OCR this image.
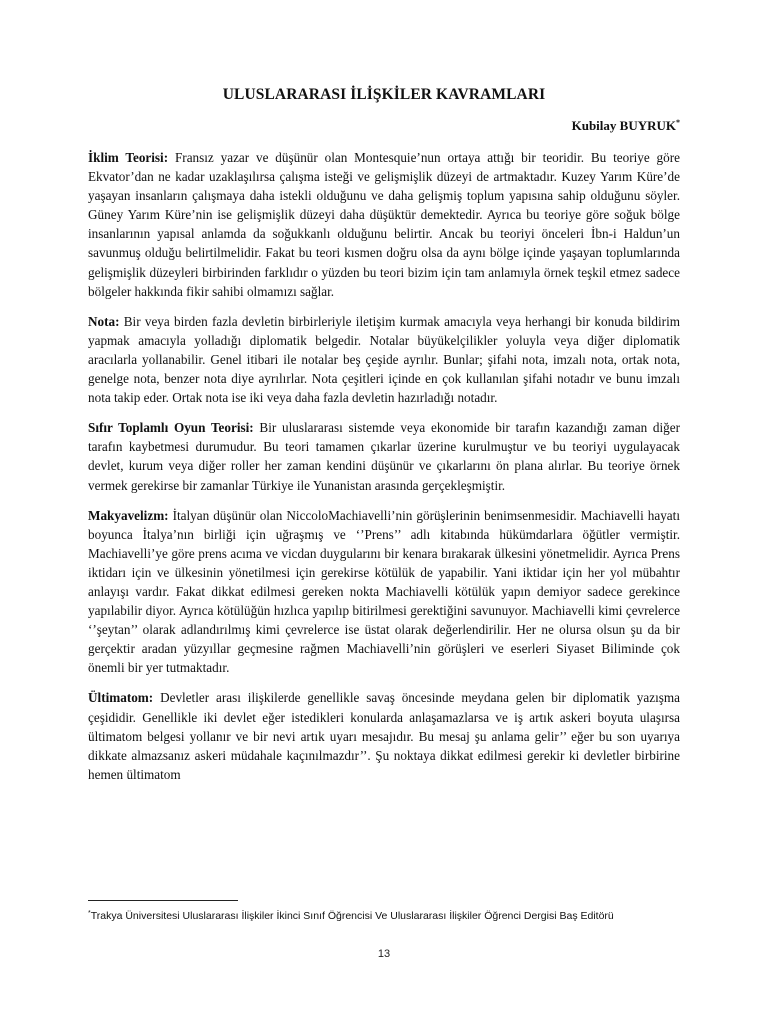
ULUSLARARASI İLİŞKİLER KAVRAMLARI
Kubilay BUYRUK*

İklim Teorisi: Fransız yazar ve düşünür olan Montesquie’nun ortaya attığı bir teoridir. Bu teoriye göre Ekvator’dan ne kadar uzaklaşılırsa çalışma isteği ve gelişmişlik düzeyi de artmaktadır. Kuzey Yarım Küre’de yaşayan insanların çalışmaya daha istekli olduğunu ve daha gelişmiş toplum yapısına sahip olduğunu söyler. Güney Yarım Küre’nin ise gelişmişlik düzeyi daha düşüktür demektedir. Ayrıca bu teoriye göre soğuk bölge insanlarının yapısal anlamda da soğukkanlı olduğunu belirtir. Ancak bu teoriyi önceleri İbn-i Haldun’un savunmuş olduğu belirtilmelidir. Fakat bu teori kısmen doğru olsa da aynı bölge içinde yaşayan toplumlarında gelişmişlik düzeyleri birbirinden farklıdır o yüzden bu teori bizim için tam anlamıyla örnek teşkil etmez sadece bölgeler hakkında fikir sahibi olmamızı sağlar.

Nota: Bir veya birden fazla devletin birbirleriyle iletişim kurmak amacıyla veya herhangi bir konuda bildirim yapmak amacıyla yolladığı diplomatik belgedir. Notalar büyükelçilikler yoluyla veya diğer diplomatik aracılarla yollanabilir. Genel itibari ile notalar beş çeşide ayrılır. Bunlar; şifahi nota, imzalı nota, ortak nota, genelge nota, benzer nota diye ayrılırlar. Nota çeşitleri içinde en çok kullanılan şifahi notadır ve bunu imzalı nota takip eder. Ortak nota ise iki veya daha fazla devletin hazırladığı notadır.

Sıfır Toplamlı Oyun Teorisi: Bir uluslararası sistemde veya ekonomide bir tarafın kazandığı zaman diğer tarafın kaybetmesi durumudur. Bu teori tamamen çıkarlar üzerine kurulmuştur ve bu teoriyi uygulayacak devlet, kurum veya diğer roller her zaman kendini düşünür ve çıkarlarını ön plana alırlar. Bu teoriye örnek vermek gerekirse bir zamanlar Türkiye ile Yunanistan arasında gerçekleşmiştir.

Makyavelizm: İtalyan düşünür olan NiccoloMachiavelli’nin görüşlerinin benimsenmesidir. Machiavelli hayatı boyunca İtalya’nın birliği için uğraşmış ve ‘’Prens’’ adlı kitabında hükümdarlara öğütler vermiştir. Machiavelli’ye göre prens acıma ve vicdan duygularını bir kenara bırakarak ülkesini yönetmelidir. Ayrıca Prens iktidarı için ve ülkesinin yönetilmesi için gerekirse kötülük de yapabilir. Yani iktidar için her yol mübahtır anlayışı vardır. Fakat dikkat edilmesi gereken nokta Machiavelli kötülük yapın demiyor sadece gerekince yapılabilir diyor. Ayrıca kötülüğün hızlıca yapılıp bitirilmesi gerektiğini savunuyor. Machiavelli kimi çevrelerce ‘’şeytan’’ olarak adlandırılmış kimi çevrelerce ise üstat olarak değerlendirilir. Her ne olursa olsun şu da bir gerçektir aradan yüzyıllar geçmesine rağmen Machiavelli’nin görüşleri ve eserleri Siyaset Biliminde çok önemli bir yer tutmaktadır.

Ültimatom: Devletler arası ilişkilerde genellikle savaş öncesinde meydana gelen bir diplomatik yazışma çeşididir. Genellikle iki devlet eğer istedikleri konularda anlaşamazlarsa ve iş artık askeri boyuta ulaşırsa ültimatom belgesi yollanır ve bir nevi artık uyarı mesajıdır. Bu mesaj şu anlama gelir’’ eğer bu son uyarıya dikkate almazsanız askeri müdahale kaçınılmazdır’’. Şu noktaya dikkat edilmesi gerekir ki devletler birbirine hemen ültimatom

*Trakya Üniversitesi Uluslararası İlişkiler İkinci Sınıf Öğrencisi Ve Uluslararası İlişkiler Öğrenci Dergisi Baş Editörü
13
